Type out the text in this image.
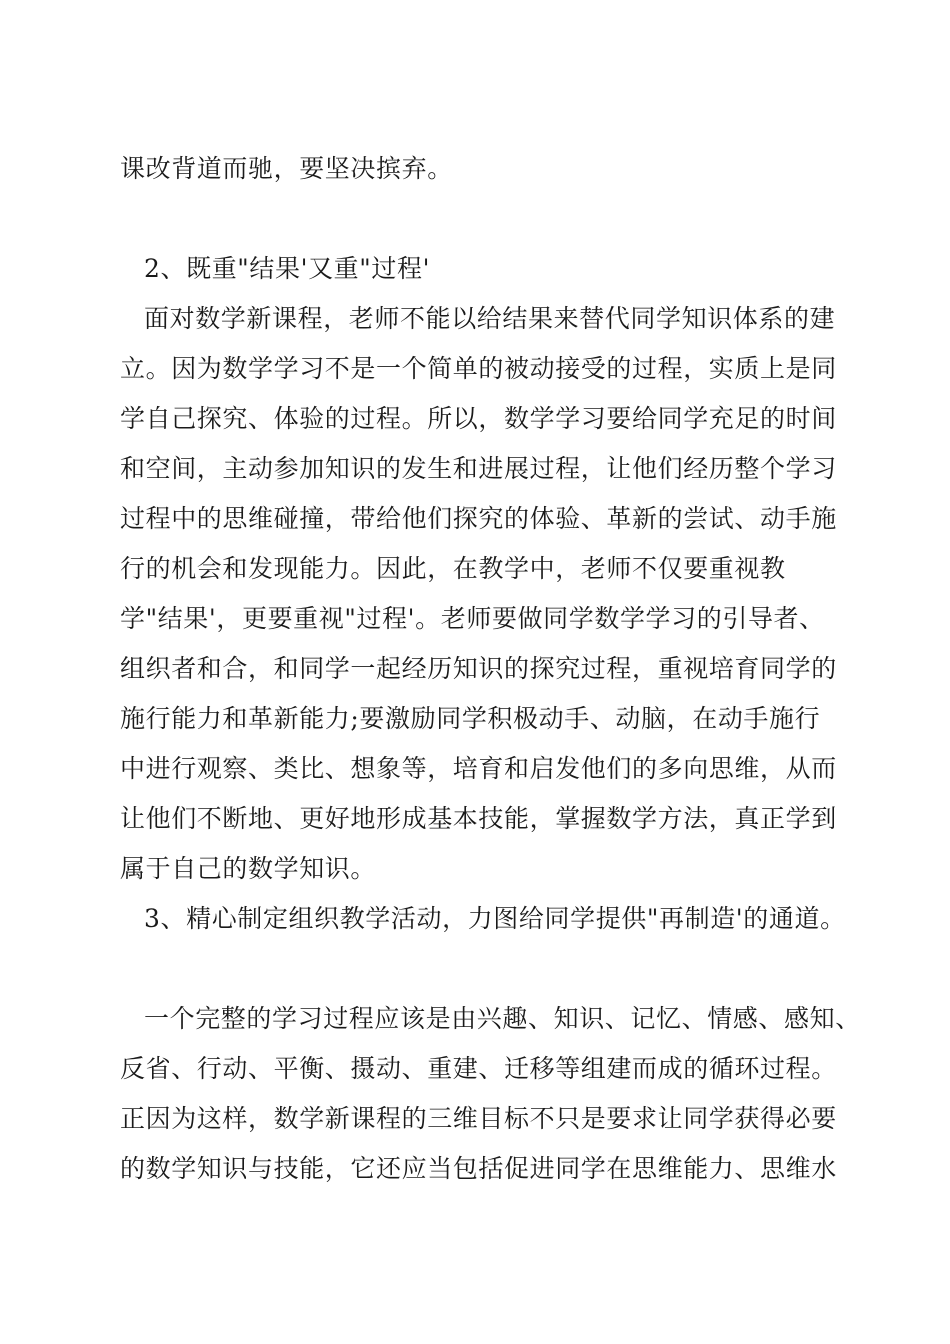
课改背道而驰，要坚决摈弃。
2、既重"结果'又重"过程'
面对数学新课程，老师不能以给结果来替代同学知识体系的建
立。因为数学学习不是一个简单的被动接受的过程，实质上是同
学自己探究、体验的过程。所以，数学学习要给同学充足的时间
和空间，主动参加知识的发生和进展过程，让他们经历整个学习
过程中的思维碰撞，带给他们探究的体验、革新的尝试、动手施
行的机会和发现能力。因此，在教学中，老师不仅要重视教
学"结果'，更要重视"过程'。老师要做同学数学学习的引导者、
组织者和合，和同学一起经历知识的探究过程，重视培育同学的
施行能力和革新能力;要激励同学积极动手、动脑，在动手施行
中进行观察、类比、想象等，培育和启发他们的多向思维，从而
让他们不断地、更好地形成基本技能，掌握数学方法，真正学到
属于自己的数学知识。
3、精心制定组织教学活动，力图给同学提供"再制造'的通道。
一个完整的学习过程应该是由兴趣、知识、记忆、情感、感知、
反省、行动、平衡、摄动、重建、迁移等组建而成的循环过程。
正因为这样，数学新课程的三维目标不只是要求让同学获得必要
的数学知识与技能，它还应当包括促进同学在思维能力、思维水
